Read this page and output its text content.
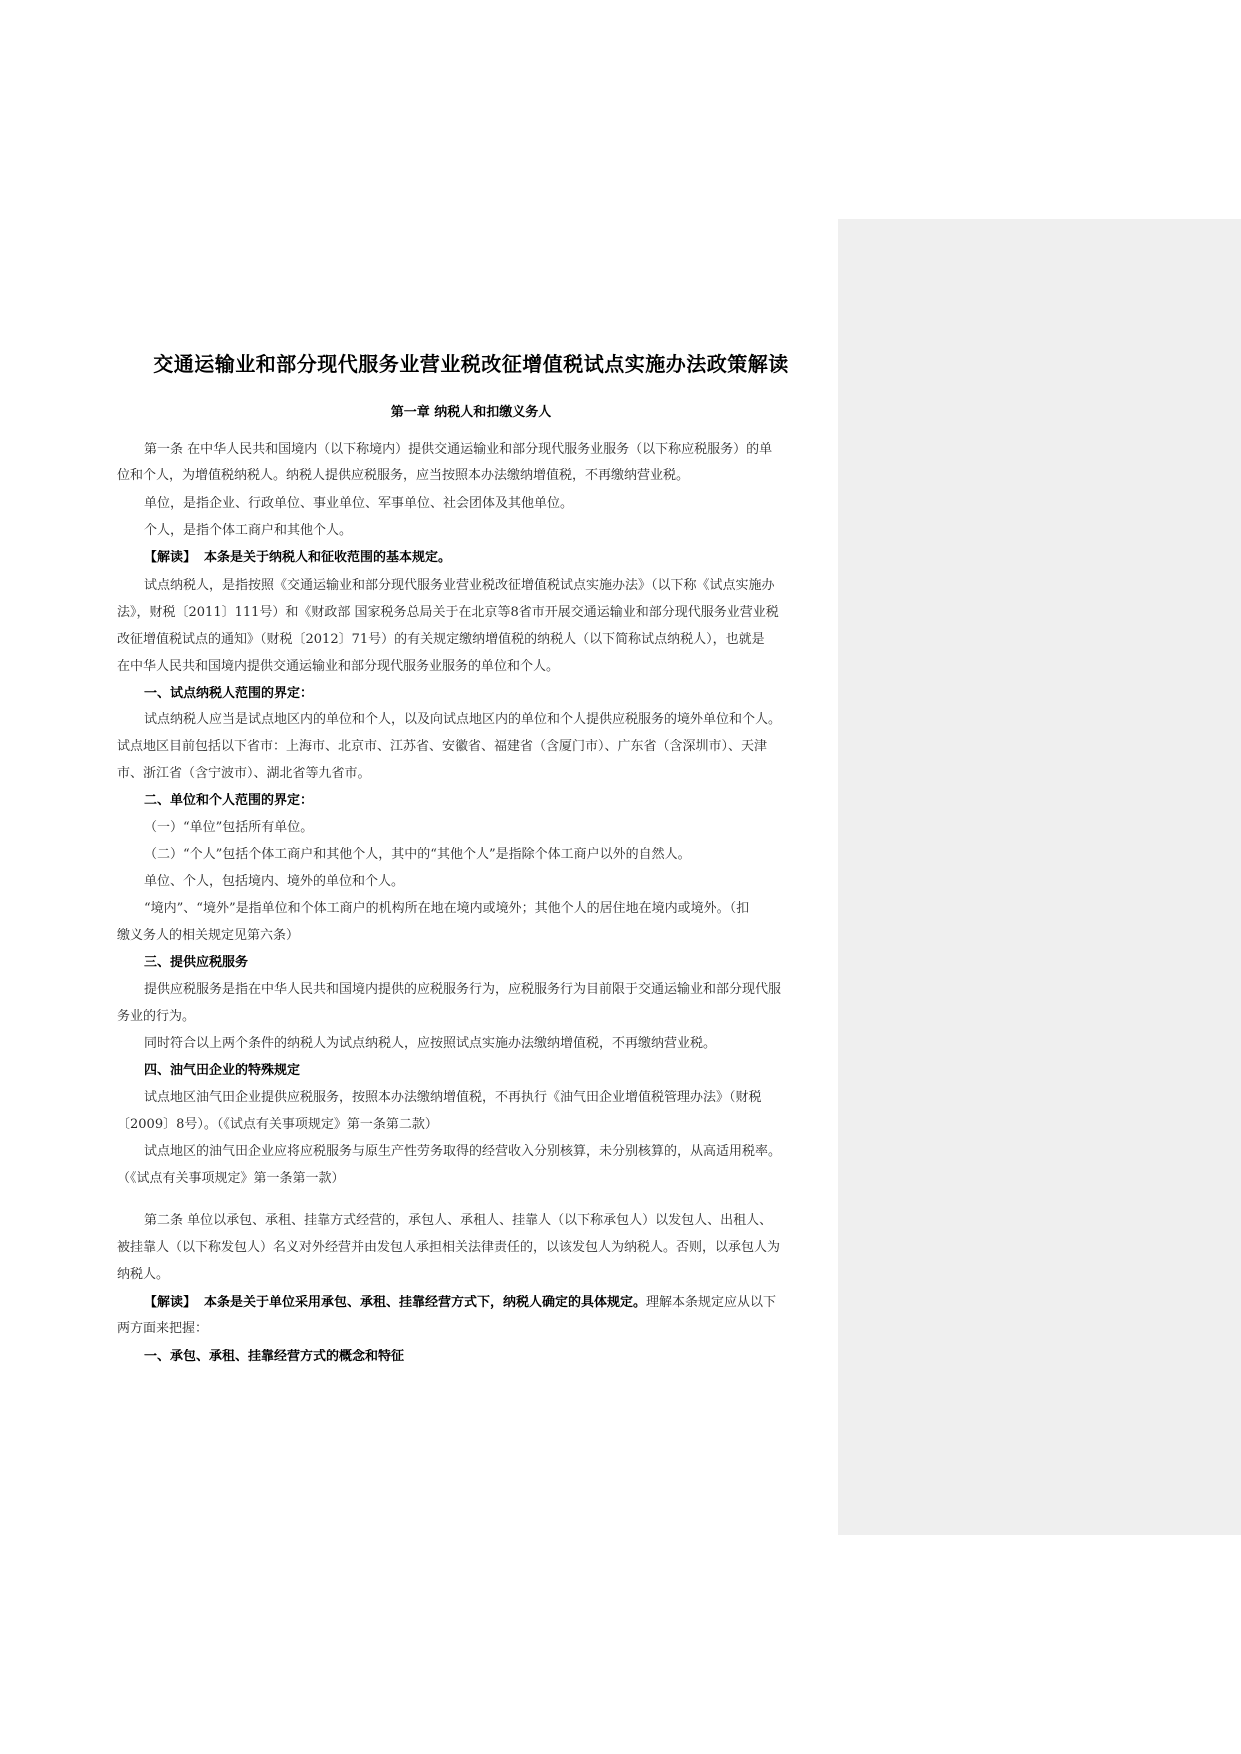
交通运输业和部分现代服务业营业税改征增值税试点实施办法政策解读
第一章 纳税人和扣缴义务人
第一条 在中华人民共和国境内（以下称境内）提供交通运输业和部分现代服务业服务（以下称应税服务）的单
位和个人，为增值税纳税人。纳税人提供应税服务，应当按照本办法缴纳增值税，不再缴纳营业税。
单位，是指企业、行政单位、事业单位、军事单位、社会团体及其他单位。
个人，是指个体工商户和其他个人。
【解读】 本条是关于纳税人和征收范围的基本规定。
试点纳税人，是指按照《交通运输业和部分现代服务业营业税改征增值税试点实施办法》（以下称《试点实施办
法》，财税〔2011〕111号）和《财政部 国家税务总局关于在北京等8省市开展交通运输业和部分现代服务业营业税
改征增值税试点的通知》（财税〔2012〕71号）的有关规定缴纳增值税的纳税人（以下简称试点纳税人），也就是
在中华人民共和国境内提供交通运输业和部分现代服务业服务的单位和个人。
一、试点纳税人范围的界定：
试点纳税人应当是试点地区内的单位和个人，以及向试点地区内的单位和个人提供应税服务的境外单位和个人。
试点地区目前包括以下省市：上海市、北京市、江苏省、安徽省、福建省（含厦门市）、广东省（含深圳市）、天津
市、浙江省（含宁波市）、湖北省等九省市。
二、单位和个人范围的界定：
（一）“单位”包括所有单位。
（二）“个人”包括个体工商户和其他个人，其中的“其他个人”是指除个体工商户以外的自然人。
单位、个人，包括境内、境外的单位和个人。
“境内”、“境外”是指单位和个体工商户的机构所在地在境内或境外；其他个人的居住地在境内或境外。（扣
缴义务人的相关规定见第六条）
三、提供应税服务
提供应税服务是指在中华人民共和国境内提供的应税服务行为，应税服务行为目前限于交通运输业和部分现代服
务业的行为。
同时符合以上两个条件的纳税人为试点纳税人，应按照试点实施办法缴纳增值税，不再缴纳营业税。
四、油气田企业的特殊规定
试点地区油气田企业提供应税服务，按照本办法缴纳增值税，不再执行《油气田企业增值税管理办法》（财税
〔2009〕8号）。（《试点有关事项规定》第一条第二款）
试点地区的油气田企业应将应税服务与原生产性劳务取得的经营收入分别核算，未分别核算的，从高适用税率。
（《试点有关事项规定》第一条第一款）
第二条 单位以承包、承租、挂靠方式经营的，承包人、承租人、挂靠人（以下称承包人）以发包人、出租人、
被挂靠人（以下称发包人）名义对外经营并由发包人承担相关法律责任的，以该发包人为纳税人。否则，以承包人为
纳税人。
【解读】 本条是关于单位采用承包、承租、挂靠经营方式下，纳税人确定的具体规定。理解本条规定应从以下
两方面来把握：
一、承包、承租、挂靠经营方式的概念和特征
